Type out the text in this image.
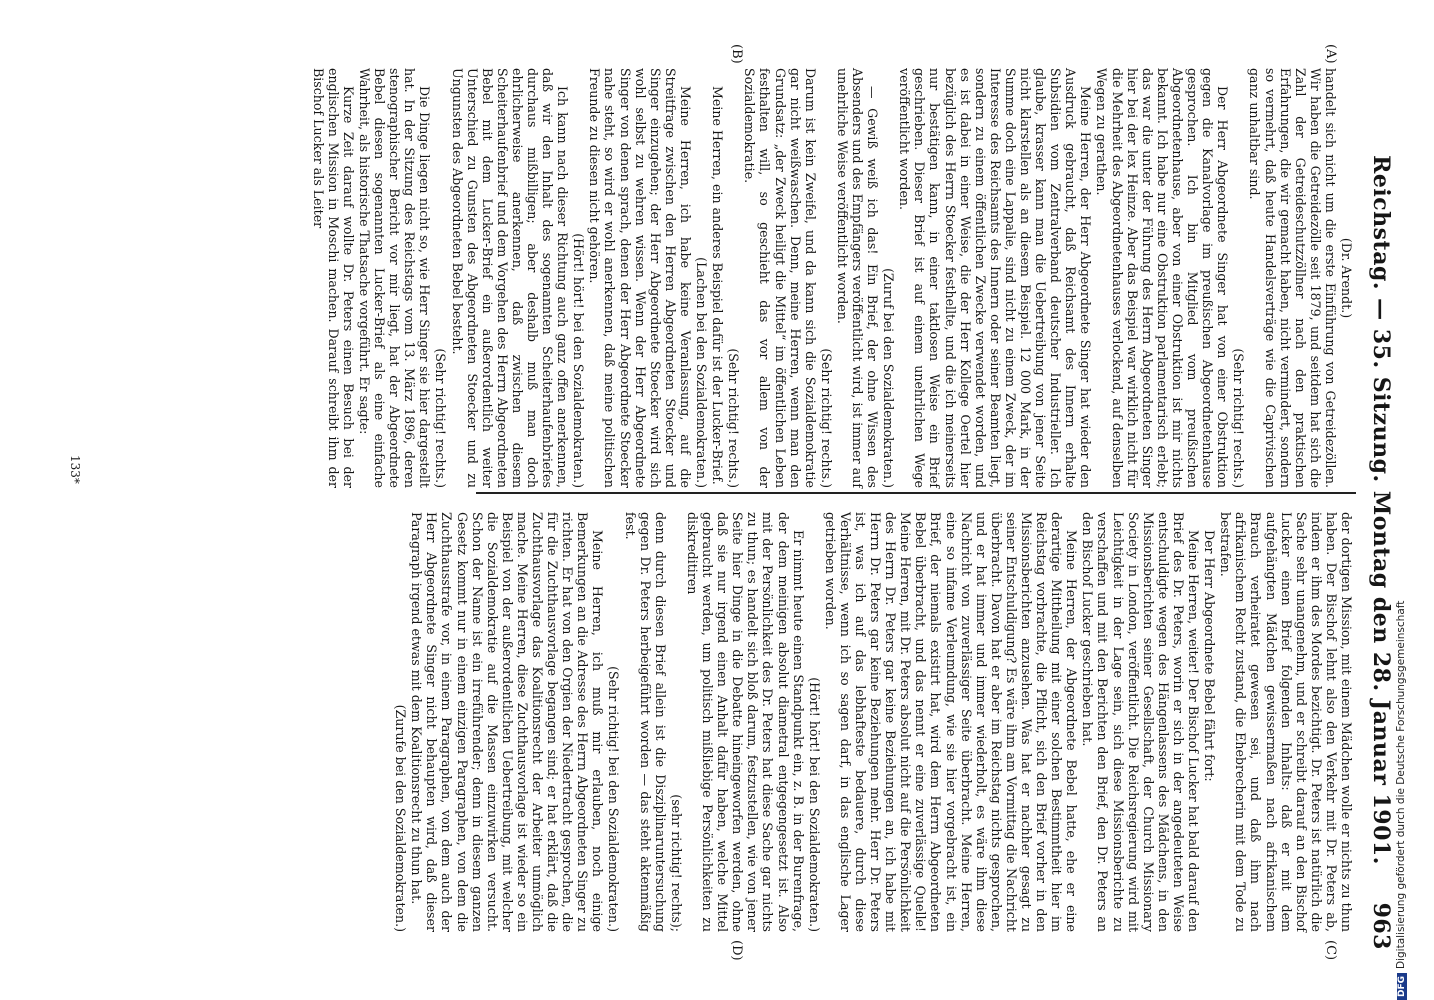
Reichstag. — 35. Sitzung. Montag den 28. Januar 1901.
963
(A)
(B)
(C)
(D)

(Dr. Arendt.)

handelt sich nicht um die erste Einführung von Getreidezöllen. Wir haben die Getreidezölle seit 1879, und seitdem hat sich die Zahl der Getreideschutzzöllner nach den praktischen Erfahrungen, die wir gemacht haben, nicht vermindert, sondern so vermehrt, daß heute Handelsverträge wie die Caprivischen ganz unhaltbar sind.

(Sehr richtig! rechts.)

Der Herr Abgeordnete Singer hat von einer Obstruktion gegen die Kanalvorlage im preußischen Abgeordnetenhause gesprochen. Ich bin Mitglied vom preußischen Abgeordnetenhause, aber von einer Obstruktion ist mir nichts bekannt. Ich habe nur eine Obstruktion parlamentarisch erlebt; das war die unter der Führung des Herrn Abgeordneten Singer hier bei der lex Heinze. Aber das Beispiel war wirklich nicht für die Mehrheit des Abgeordnetenhauses verlockend, auf denselben Wegen zu gerathen.

Meine Herren, der Herr Abgeordnete Singer hat wieder den Ausdruck gebraucht, daß Reichsamt des Innern erhalte Subsidien vom Zentralverband deutscher Industrieller. Ich glaube, krasser kann man die Uebertreibung von jener Seite nicht klarstellen als an diesem Beispiel. 12 000 Mark, in der Summe doch eine Lappalie, sind nicht zu einem Zweck, der im Interesse des Reichsamts des Innern oder seiner Beamten liegt, sondern zu einem öffentlichen Zwecke verwendet worden, und es ist dabei in einer Weise, die der Herr Kollege Oertel hier bezüglich des Herrn Stoecker festhellte, und die ich meinerseits nur bestätigen kann, in einer taktlosen Weise ein Brief geschrieben. Dieser Brief ist auf einem unehrlichen Wege veröffentlicht worden.

(Zuruf bei den Sozialdemokraten.)

— Gewiß weiß ich das! Ein Brief, der ohne Wissen des Absenders und des Empfängers veröffentlicht wird, ist immer auf unehrliche Weise veröffentlicht worden.

(Sehr richtig! rechts.)

Darum ist kein Zweifel, und da kann sich die Sozialdemokratie gar nicht weißwaschen. Denn, meine Herren, wenn man den Grundsatz: „der Zweck heiligt die Mittel“ im öffentlichen Leben festhalten will, so geschieht das vor allem von der Sozialdemokratie.

(Sehr richtig! rechts.)

Meine Herren, ein anderes Beispiel dafür ist der Lucker-Brief.

(Lachen bei den Sozialdemokraten.)

Meine Herren, ich habe keine Veranlassung, auf die Streitfrage zwischen den Herren Abgeordneten Stoecker und Singer einzugehen; der Herr Abgeordnete Stoecker wird sich wohl selbst zu wehren wissen. Wenn der Herr Abgeordnete Singer von denen sprach, denen der Herr Abgeordnete Stoecker nahe steht, so wird er wohl anerkennen, daß meine politischen Freunde zu diesen nicht gehören.

(Hört! hört! bei den Sozialdemokraten.)

Ich kann nach dieser Richtung auch ganz offen anerkennen, daß wir den Inhalt des sogenannten Scheiterhaufenbriefes durchaus mißbilligen; aber deshalb muß man doch ehrlicherweise anerkennen, daß zwischen diesem Scheiterhaufenbrief und dem Vorgehen des Herrn Abgeordneten Bebel mit dem Lucker-Brief ein außerordentlich weiter Unterschied zu Gunsten des Abgeordneten Stoecker und zu Ungunsten des Abgeordneten Bebel besteht.

(Sehr richtig! rechts.)

Die Dinge liegen nicht so, wie Herr Singer sie hier dargestellt hat. In der Sitzung des Reichstags vom 13. März 1896, deren stenographischer Bericht vor mir liegt, hat der Abgeordnete Bebel diesen sogenannten Lucker-Brief als eine einfache Wahrheit, als historische Thatsache vorgeführt. Er sagte:

Kurze Zeit darauf wollte Dr. Peters einen Besuch bei der englischen Mission in Moschi machen. Darauf schreibt ihm der Bischof Lucker als Leiter

der dortigen Mission, mit einem Mädchen wolle er nichts zu thun haben. Der Bischof lehnt also den Verkehr mit Dr. Peters ab, indem er ihm des Mordes bezichtigt. Dr. Peters ist natürlich die Sache sehr unangenehm, und er schreibt darauf an den Bischof Lucker einen Brief folgenden Inhalts: daß er mit dem aufgehängten Mädchen gewissermaßen nach afrikanischem Brauch verheiratet gewesen sei, und daß ihm nach afrikanischem Recht zustand, die Ehebrecherin mit dem Tode zu bestrafen.

Der Herr Abgeordnete Bebel fährt fort:

Meine Herren, weiter! Der Bischof Lucker hat bald darauf den Brief des Dr. Peters, worin er sich in der angedeuteten Weise entschuldigte wegen des Hängenlassens des Mädchens, in den Missionsberichten seiner Gesellschaft, der Church Missionary Society in London, veröffentlicht. Die Reichsregierung wird mit Leichtigkeit in der Lage sein, sich diese Missionsberichte zu verschaffen und mit den Berichten den Brief, den Dr. Peters an den Bischof Lucker geschrieben hat.

Meine Herren, der Abgeordnete Bebel hatte, ehe er eine derartige Mittheilung mit einer solchen Bestimmtheit hier im Reichstag vorbrachte, die Pflicht, sich den Brief vorher in den Missionsberichten anzusehen. Was hat er nachher gesagt zu seiner Entschuldigung? Es wäre ihm am Vormittag die Nachricht überbracht. Davon hat er aber im Reichstag nichts gesprochen, und er hat immer und immer wiederholt, es wäre ihm diese Nachricht von zuverlässiger Seite überbracht. Meine Herren, eine so infame Verleumdung, wie sie hier vorgebracht ist, ein Brief, der niemals existirt hat, wird dem Herrn Abgeordneten Bebel überbracht, und das nennt er eine zuverlässige Quelle! Meine Herren, mit Dr. Peters absolut nicht auf die Persönlichkeit des Herrn Dr. Peters gar keine Beziehungen an, ich habe mit Herrn Dr. Peters gar keine Beziehungen mehr. Herr Dr. Peters ist, was ich auf das lebhafteste bedauere, durch diese Verhältnisse, wenn ich so sagen darf, in das englische Lager getrieben worden.

(Hört! hört! bei den Sozialdemokraten.)

Er nimmt heute einen Standpunkt ein, z. B. in der Burenfrage, der dem meinigen absolut diametral entgegengesetzt ist. Also mit der Persönlichkeit des Dr. Peters hat diese Sache gar nichts zu thun; es handelt sich bloß darum, festzustellen, wie von jener Seite hier Dinge in die Debatte hineingeworfen werden, ohne daß sie nur irgend einen Anhalt dafür haben, welche Mittel gebraucht werden, um politisch mißliebige Persönlichkeiten zu diskreditiren

(sehr richtig! rechts);

denn durch diesen Brief allein ist die Disziplinaruntersuchung gegen Dr. Peters herbeigeführt worden — das steht aktenmäßig fest.

(Sehr richtig! bei den Sozialdemokraten.)

Meine Herren, ich muß mir erlauben, noch einige Bemerkungen an die Adresse des Herrn Abgeordneten Singer zu richten. Er hat von den Orgien der Niedertracht gesprochen, die für die Zuchthausvorlage begangen sind; er hat erklärt, daß die Zuchthausvorlage das Koalitionsrecht der Arbeiter unmöglich mache. Meine Herren, diese Zuchthausvorlage ist wieder so ein Beispiel von der außerordentlichen Uebertreibung, mit welcher die Sozialdemokratie auf die Massen einzuwirken versucht. Schon der Name ist ein irreführender; denn in diesem ganzen Gesetz kommt nur in einem einzigen Paragraphen, von dem die Zuchthausstrafe vor, in einem Paragraphen, von dem auch der Herr Abgeordnete Singer nicht behaupten wird, daß dieser Paragraph irgend etwas mit dem Koalitionsrecht zu thun hat.

(Zurufe bei den Sozialdemokraten.)

133*
DFGDigitalisierung gefördert durch die Deutsche Forschungsgemeinschaft
